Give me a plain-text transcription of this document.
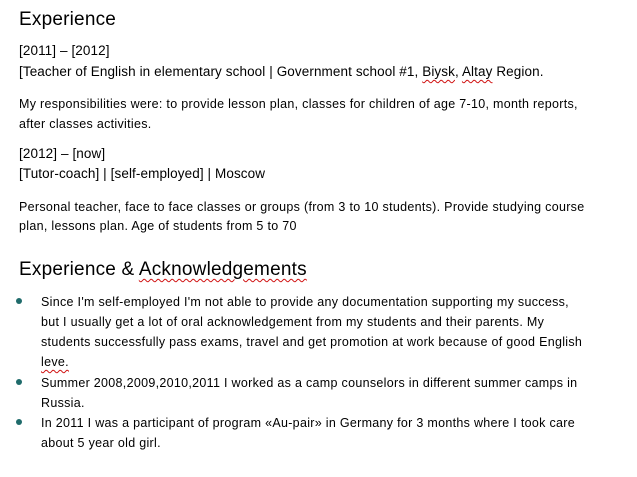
Experience
[2011] – [2012]
[Teacher of English in elementary school | Government school #1, Biysk, Altay Region.
My responsibilities were: to provide lesson plan, classes for children of age 7-10, month reports,
after classes activities.
[2012] – [now]
[Tutor-coach] | [self-employed] | Moscow
Personal teacher, face to face classes or groups (from 3 to 10 students). Provide studying course
plan, lessons plan. Age of students from 5 to 70
Experience & Acknowledgements
Since I'm self-employed I'm not able to provide any documentation supporting my success,
but I usually get a lot of oral acknowledgement from my students and their parents. My
students successfully pass exams, travel and get promotion at work because of good English
leve.
Summer 2008,2009,2010,2011 I worked as a camp counselors in different summer camps in
Russia.
In 2011 I was a participant of program «Au-pair» in Germany for 3 months where I took care
about 5 year old girl.
